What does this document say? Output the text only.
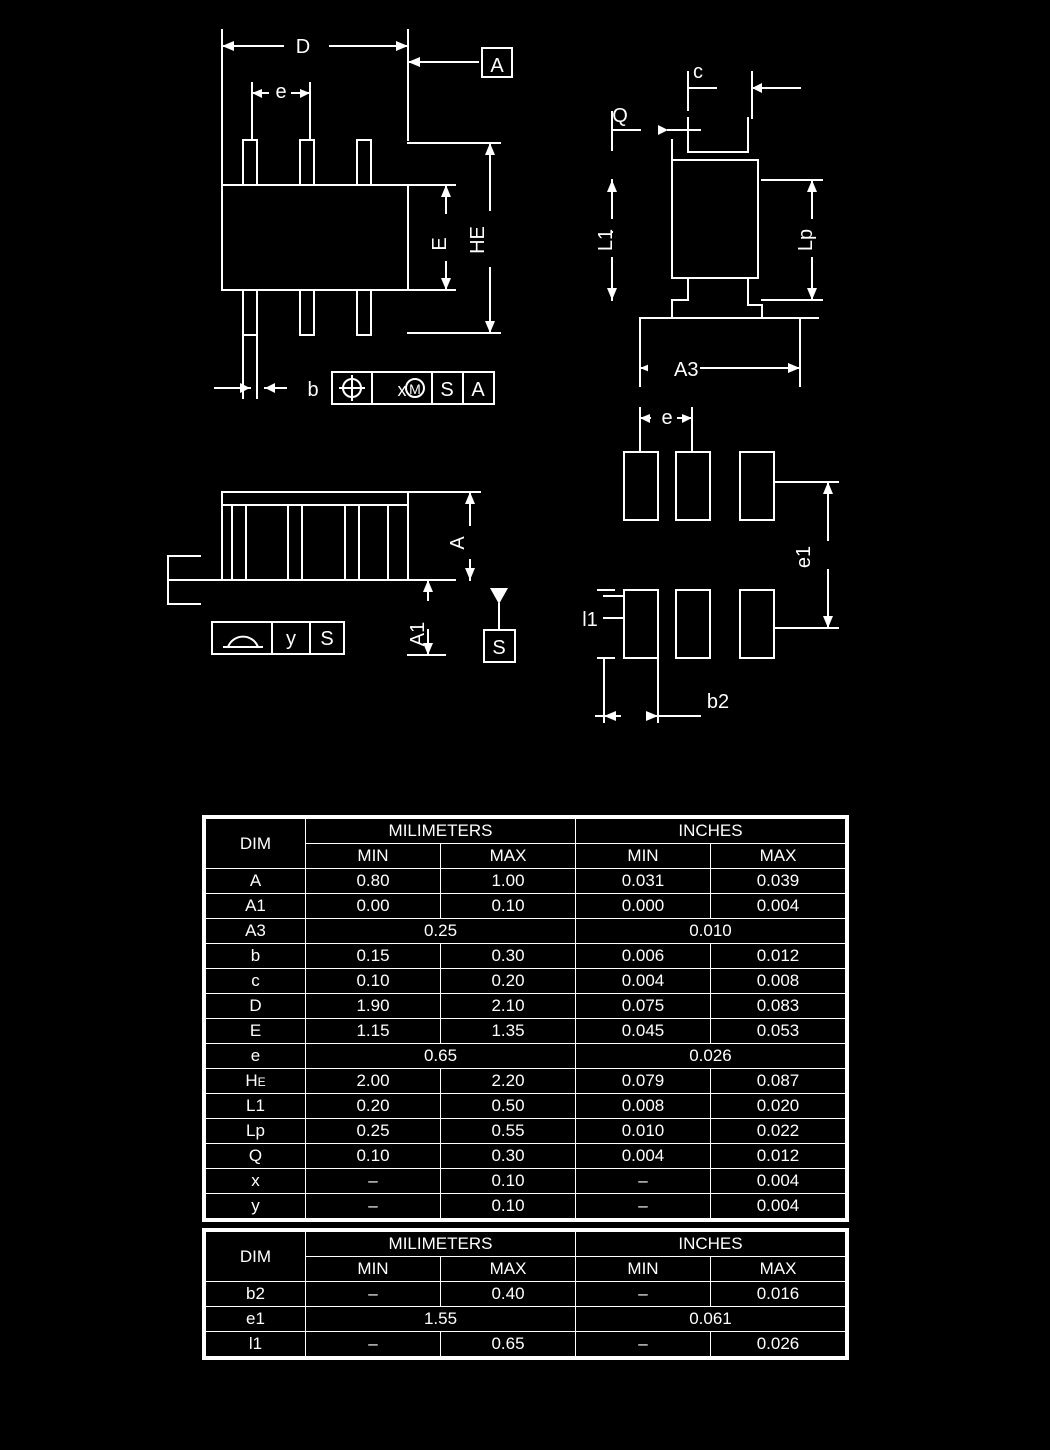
D
e
A
E HE
b	x M S A
A
A1
S
y S
c
Q
L1	Lp
A3
e
e1
l1
b2
DIM	MILIMETERS		INCHES	
	MIN	MAX	MIN	MAX
A	0.80	1.00	0.031	0.039
A1	0.00	0.10	0.000	0.004
A3	0.25		0.010	
b	0.15	0.30	0.006	0.012
c	0.10	0.20	0.004	0.008
D	1.90	2.10	0.075	0.083
E	1.15	1.35	0.045	0.053
e	0.65		0.026	
HE	2.00	2.20	0.079	0.087
L1	0.20	0.50	0.008	0.020
Lp	0.25	0.55	0.010	0.022
Q	0.10	0.30	0.004	0.012
x	–	0.10	–	0.004
y	–	0.10	–	0.004
DIM	MILIMETERS		INCHES	
	MIN	MAX	MIN	MAX
b2	–	0.40	–	0.016
e1	1.55		0.061	
l1	–	0.65	–	0.026
